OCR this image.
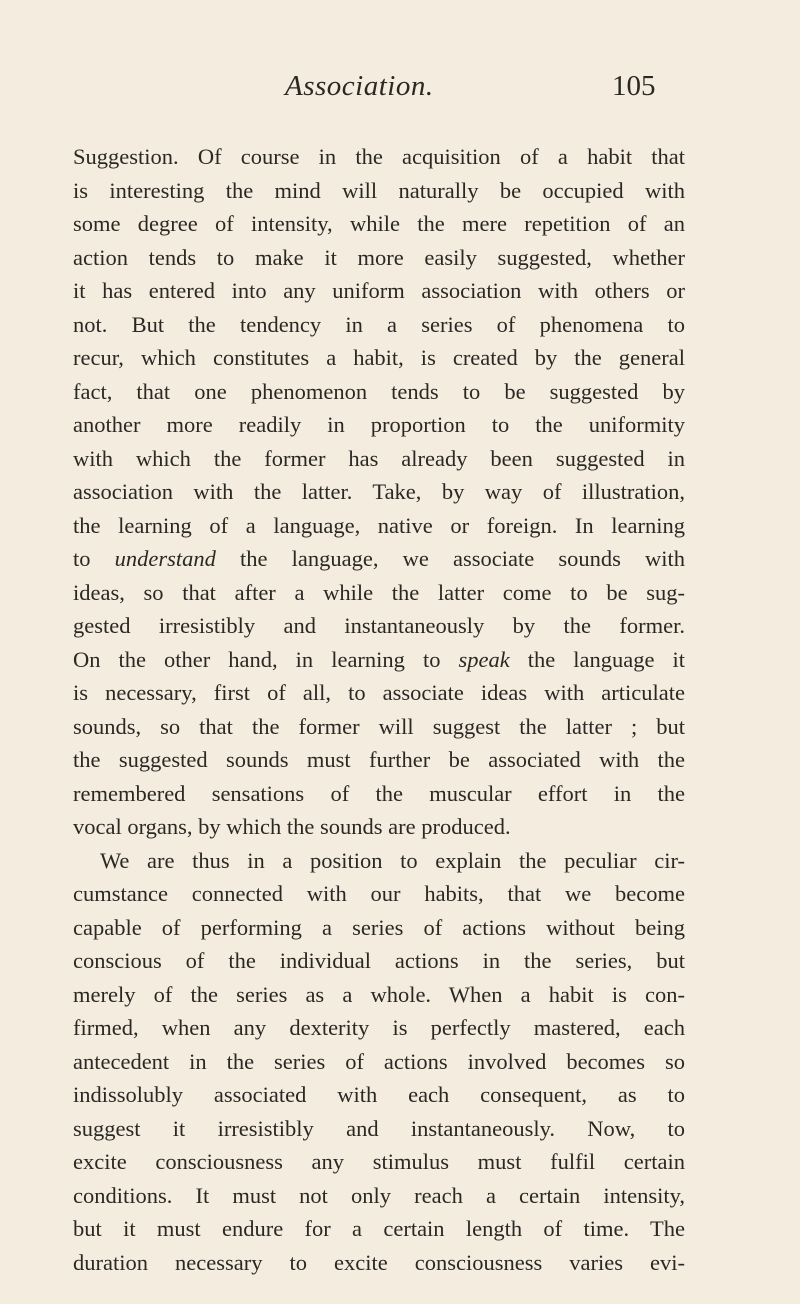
Association.	105
Suggestion. Of course in the acquisition of a habit that
is interesting the mind will naturally be occupied with
some degree of intensity, while the mere repetition of an
action tends to make it more easily suggested, whether
it has entered into any uniform association with others or
not. But the tendency in a series of phenomena to
recur, which constitutes a habit, is created by the general
fact, that one phenomenon tends to be suggested by
another more readily in proportion to the uniformity
with which the former has already been suggested in
association with the latter. Take, by way of illustration,
the learning of a language, native or foreign. In learning
to understand the language, we associate sounds with
ideas, so that after a while the latter come to be sug-
gested irresistibly and instantaneously by the former.
On the other hand, in learning to speak the language it
is necessary, first of all, to associate ideas with articulate
sounds, so that the former will suggest the latter ; but
the suggested sounds must further be associated with the
remembered sensations of the muscular effort in the
vocal organs, by which the sounds are produced.
We are thus in a position to explain the peculiar cir-
cumstance connected with our habits, that we become
capable of performing a series of actions without being
conscious of the individual actions in the series, but
merely of the series as a whole. When a habit is con-
firmed, when any dexterity is perfectly mastered, each
antecedent in the series of actions involved becomes so
indissolubly associated with each consequent, as to
suggest it irresistibly and instantaneously. Now, to
excite consciousness any stimulus must fulfil certain
conditions. It must not only reach a certain intensity,
but it must endure for a certain length of time. The
duration necessary to excite consciousness varies evi-
